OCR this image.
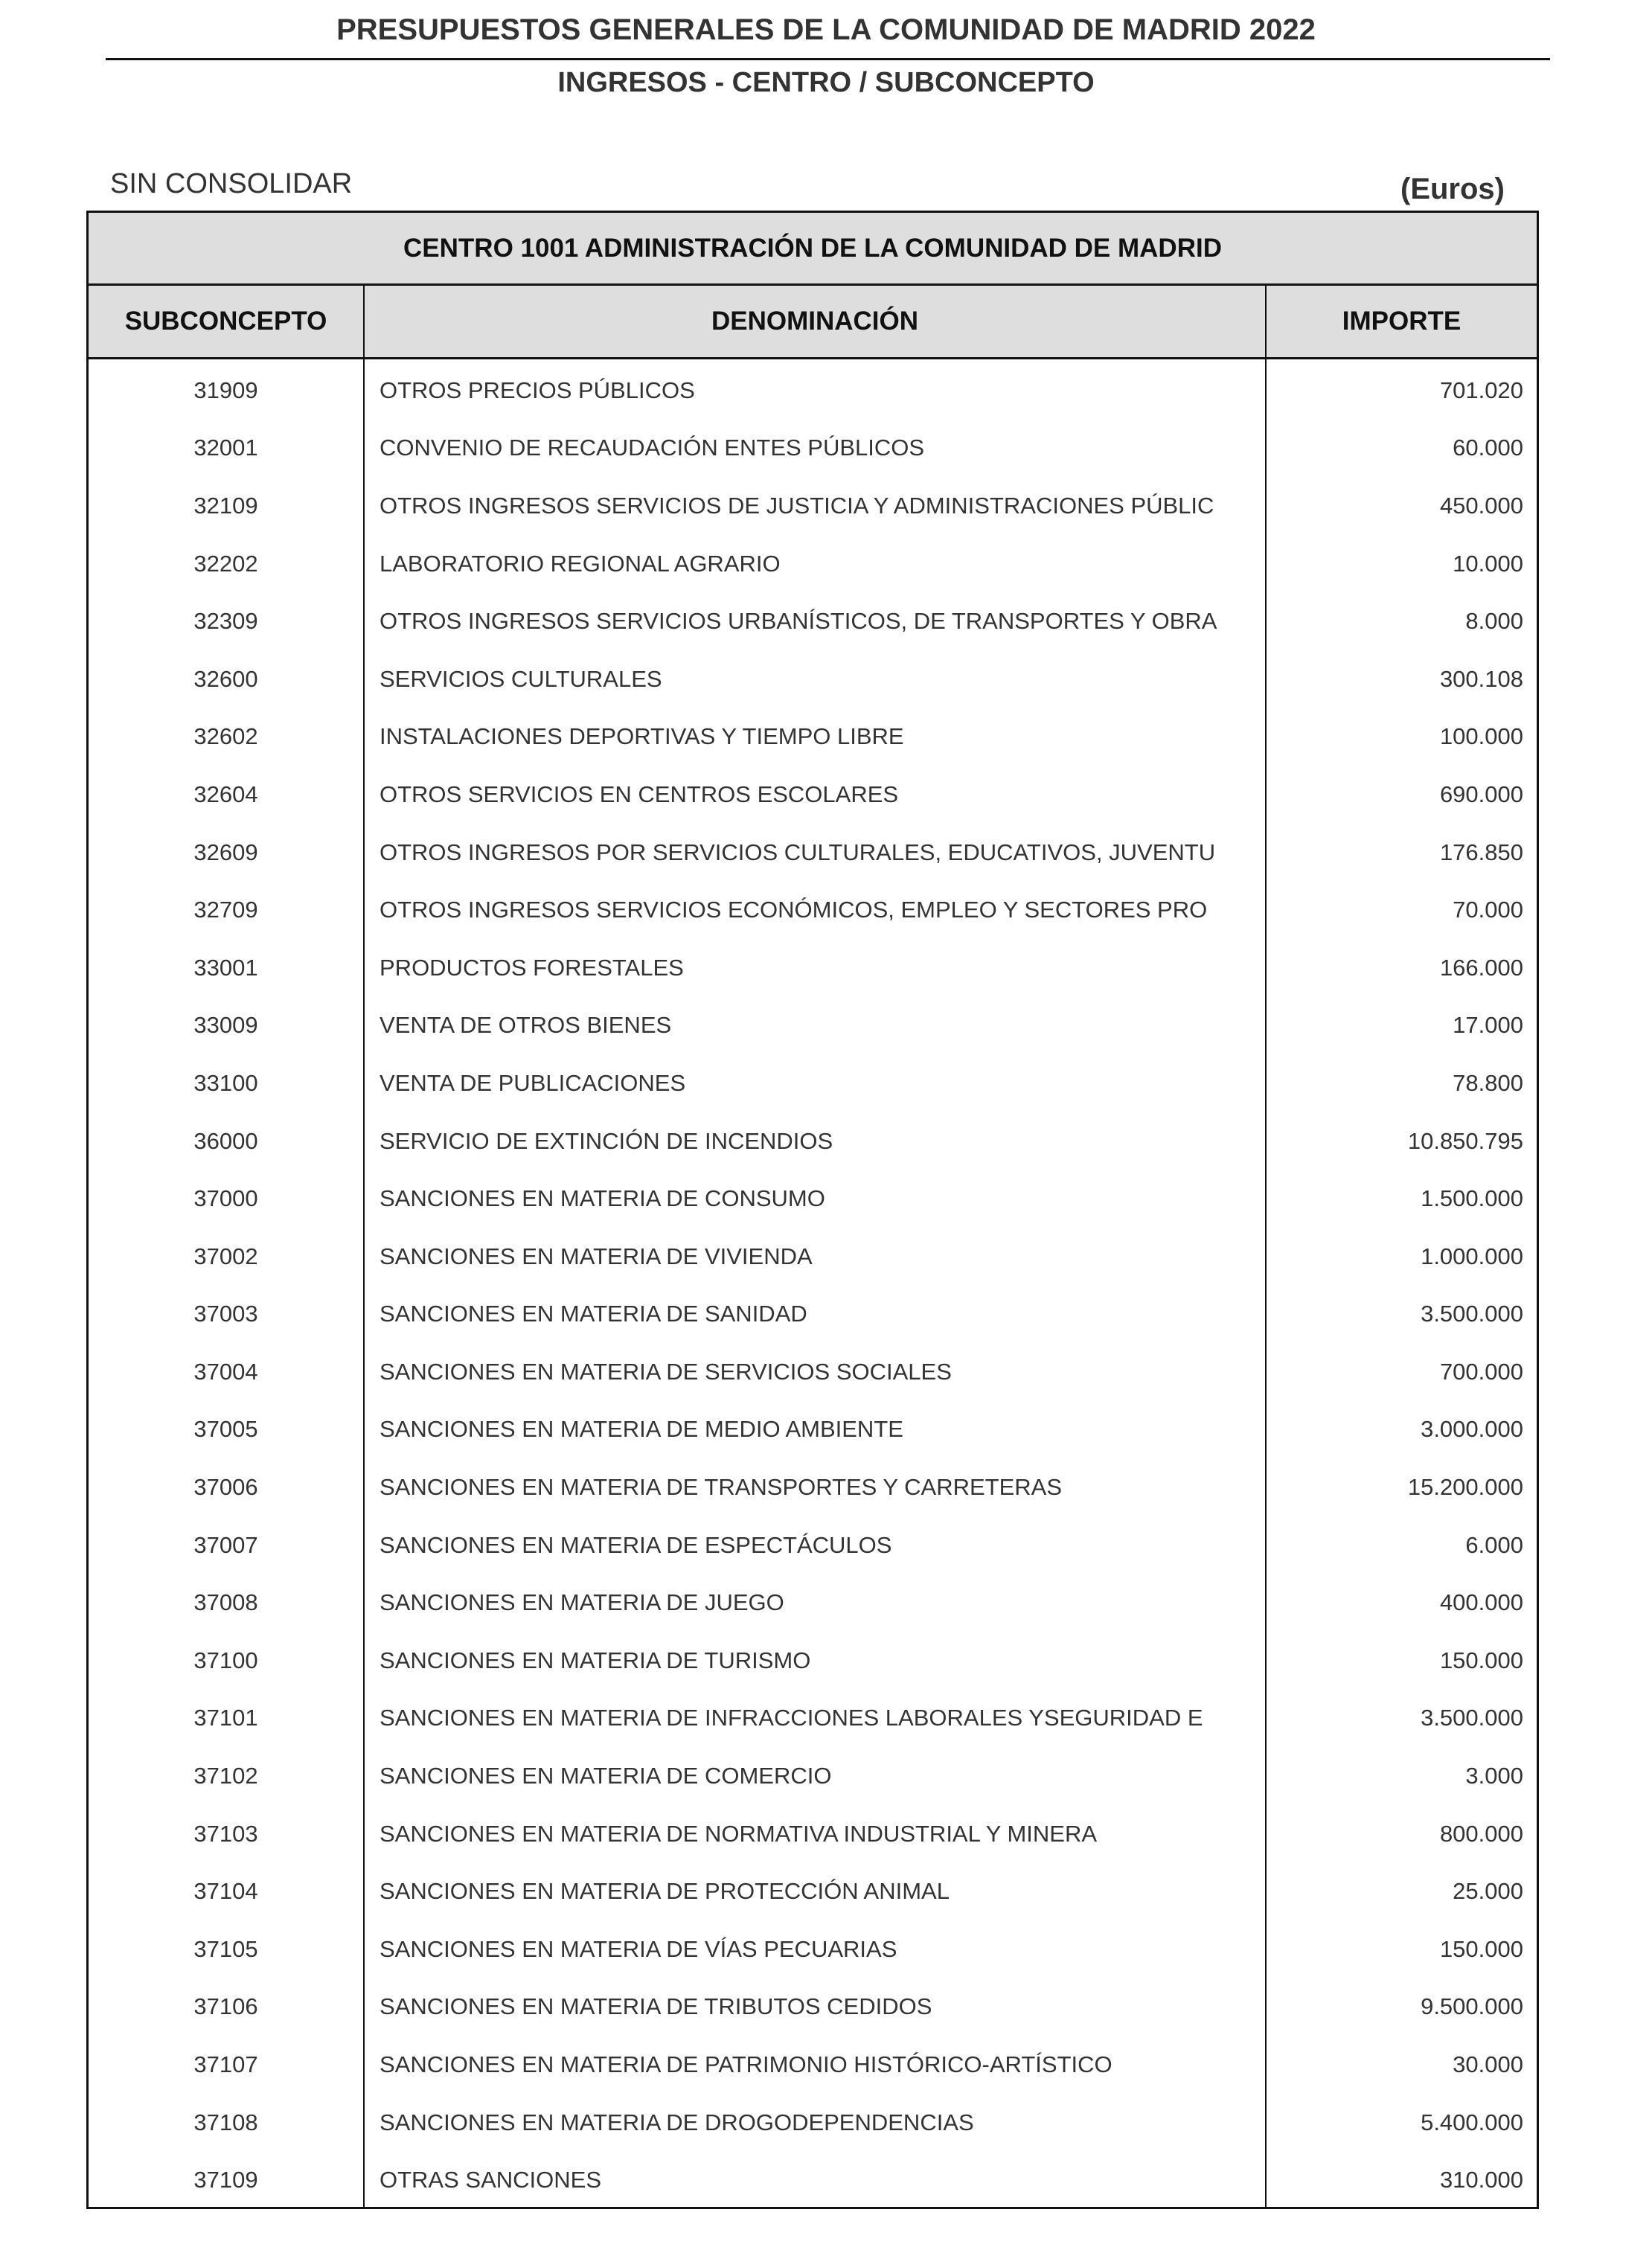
PRESUPUESTOS GENERALES DE LA COMUNIDAD DE MADRID 2022
INGRESOS - CENTRO / SUBCONCEPTO
SIN CONSOLIDAR	(Euros)
CENTRO 1001 ADMINISTRACIÓN DE LA COMUNIDAD DE MADRID
SUBCONCEPTO	DENOMINACIÓN	IMPORTE
31909	OTROS PRECIOS PÚBLICOS	701.020
32001	CONVENIO DE RECAUDACIÓN ENTES PÚBLICOS	60.000
32109	OTROS INGRESOS SERVICIOS DE JUSTICIA Y ADMINISTRACIONES PÚBLIC	450.000
32202	LABORATORIO REGIONAL AGRARIO	10.000
32309	OTROS INGRESOS SERVICIOS URBANÍSTICOS, DE TRANSPORTES Y OBRA	8.000
32600	SERVICIOS CULTURALES	300.108
32602	INSTALACIONES DEPORTIVAS Y TIEMPO LIBRE	100.000
32604	OTROS SERVICIOS EN CENTROS ESCOLARES	690.000
32609	OTROS INGRESOS POR SERVICIOS CULTURALES, EDUCATIVOS, JUVENTU	176.850
32709	OTROS INGRESOS SERVICIOS ECONÓMICOS, EMPLEO Y SECTORES PRO	70.000
33001	PRODUCTOS FORESTALES	166.000
33009	VENTA DE OTROS BIENES	17.000
33100	VENTA DE PUBLICACIONES	78.800
36000	SERVICIO DE EXTINCIÓN DE INCENDIOS	10.850.795
37000	SANCIONES EN MATERIA DE CONSUMO	1.500.000
37002	SANCIONES EN MATERIA DE VIVIENDA	1.000.000
37003	SANCIONES EN MATERIA DE SANIDAD	3.500.000
37004	SANCIONES EN MATERIA DE SERVICIOS SOCIALES	700.000
37005	SANCIONES EN MATERIA DE MEDIO AMBIENTE	3.000.000
37006	SANCIONES EN MATERIA DE TRANSPORTES Y CARRETERAS	15.200.000
37007	SANCIONES EN MATERIA DE ESPECTÁCULOS	6.000
37008	SANCIONES EN MATERIA DE JUEGO	400.000
37100	SANCIONES EN MATERIA DE TURISMO	150.000
37101	SANCIONES EN MATERIA DE INFRACCIONES LABORALES YSEGURIDAD E	3.500.000
37102	SANCIONES EN MATERIA DE COMERCIO	3.000
37103	SANCIONES EN MATERIA DE NORMATIVA INDUSTRIAL Y MINERA	800.000
37104	SANCIONES EN MATERIA DE PROTECCIÓN ANIMAL	25.000
37105	SANCIONES EN MATERIA DE VÍAS PECUARIAS	150.000
37106	SANCIONES EN MATERIA DE TRIBUTOS CEDIDOS	9.500.000
37107	SANCIONES EN MATERIA DE PATRIMONIO HISTÓRICO-ARTÍSTICO	30.000
37108	SANCIONES EN MATERIA DE DROGODEPENDENCIAS	5.400.000
37109	OTRAS SANCIONES	310.000
